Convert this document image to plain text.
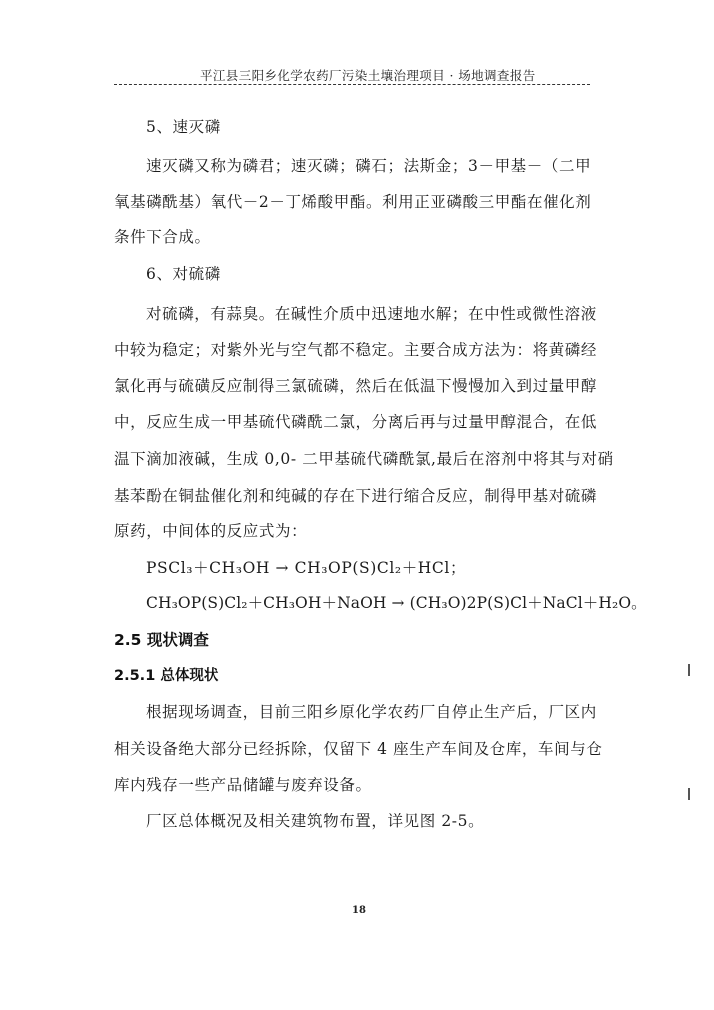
平江县三阳乡化学农药厂污染土壤治理项目 · 场地调查报告
5、速灭磷
速灭磷又称为磷君；速灭磷；磷石；法斯金；3－甲基－（二甲
氧基磷酰基）氧代－2－丁烯酸甲酯。利用正亚磷酸三甲酯在催化剂
条件下合成。
6、对硫磷
对硫磷，有蒜臭。在碱性介质中迅速地水解；在中性或微性溶液
中较为稳定；对紫外光与空气都不稳定。主要合成方法为：将黄磷经
氯化再与硫磺反应制得三氯硫磷，然后在低温下慢慢加入到过量甲醇
中，反应生成一甲基硫代磷酰二氯，分离后再与过量甲醇混合，在低
温下滴加液碱，生成 0,0- 二甲基硫代磷酰氯,最后在溶剂中将其与对硝
基苯酚在铜盐催化剂和纯碱的存在下进行缩合反应，制得甲基对硫磷
原药，中间体的反应式为：
PSCl₃＋CH₃OH → CH₃OP(S)Cl₂＋HCl；
CH₃OP(S)Cl₂＋CH₃OH＋NaOH → (CH₃O)2P(S)Cl＋NaCl＋H₂O。
2.5 现状调查
2.5.1 总体现状
根据现场调查，目前三阳乡原化学农药厂自停止生产后，厂区内
相关设备绝大部分已经拆除，仅留下 4 座生产车间及仓库，车间与仓
库内残存一些产品储罐与废弃设备。
厂区总体概况及相关建筑物布置，详见图 2-5。
18
